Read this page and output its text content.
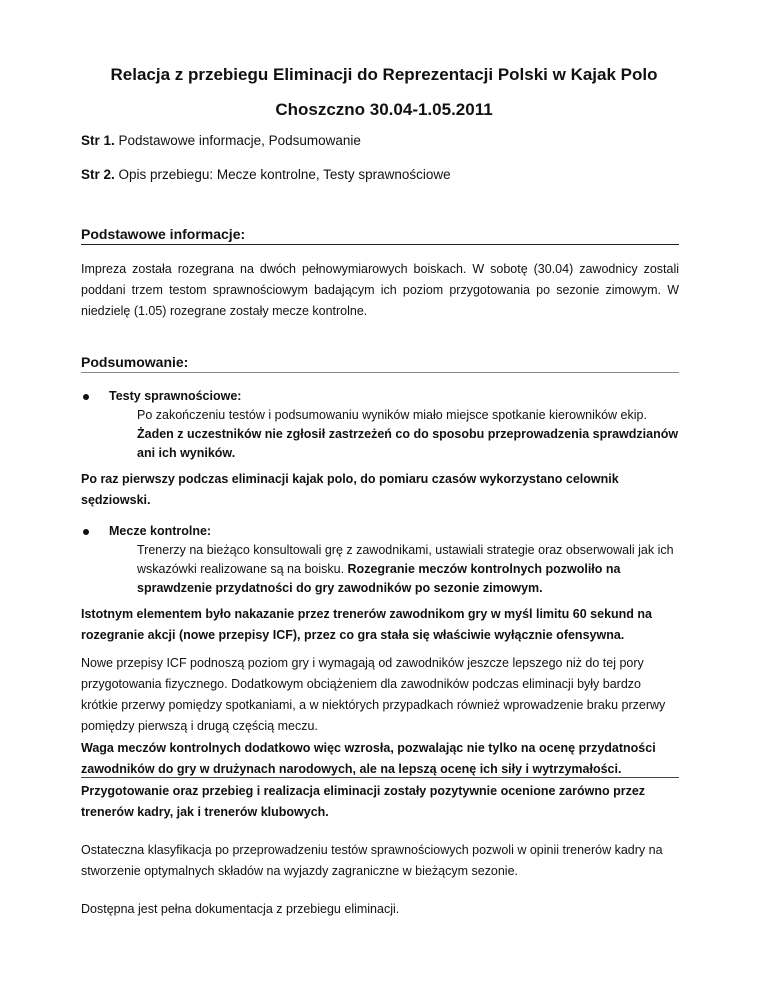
Relacja z przebiegu Eliminacji do Reprezentacji Polski w Kajak Polo
Choszczno 30.04-1.05.2011

Str 1. Podstawowe informacje, Podsumowanie

Str 2. Opis przebiegu: Mecze kontrolne, Testy sprawnościowe

Podstawowe informacje:

Impreza została rozegrana na dwóch pełnowymiarowych boiskach. W sobotę (30.04) zawodnicy zostali poddani trzem testom sprawnościowym badającym ich poziom przygotowania po sezonie zimowym. W niedzielę (1.05) rozegrane zostały mecze kontrolne.

Podsumowanie:

Testy sprawnościowe:

Po zakończeniu testów i podsumowaniu wyników miało miejsce spotkanie kierowników ekip. Żaden z uczestników nie zgłosił zastrzeżeń co do sposobu przeprowadzenia sprawdzianów ani ich wyników.

Po raz pierwszy podczas eliminacji kajak polo, do pomiaru czasów wykorzystano celownik sędziowski.

Mecze kontrolne:

Trenerzy na bieżąco konsultowali grę z zawodnikami, ustawiali strategie oraz obserwowali jak ich wskazówki realizowane są na boisku. Rozegranie meczów kontrolnych pozwoliło na sprawdzenie przydatności do gry zawodników po sezonie zimowym.

Istotnym elementem było nakazanie przez trenerów zawodnikom gry w myśl limitu 60 sekund na rozegranie akcji (nowe przepisy ICF), przez co gra stała się właściwie wyłącznie ofensywna.

Nowe przepisy ICF podnoszą poziom gry i wymagają od zawodników jeszcze lepszego niż do tej pory przygotowania fizycznego. Dodatkowym obciążeniem dla zawodników podczas eliminacji były bardzo krótkie przerwy pomiędzy spotkaniami, a w niektórych przypadkach również wprowadzenie braku przerwy pomiędzy pierwszą i drugą częścią meczu.

Waga meczów kontrolnych dodatkowo więc wzrosła, pozwalając nie tylko na ocenę przydatności zawodników do gry w drużynach narodowych, ale na lepszą ocenę ich siły i wytrzymałości.

Przygotowanie oraz przebieg i realizacja eliminacji zostały pozytywnie ocenione zarówno przez trenerów kadry, jak i trenerów klubowych.

Ostateczna klasyfikacja po przeprowadzeniu testów sprawnościowych pozwoli w opinii trenerów kadry na stworzenie optymalnych składów na wyjazdy zagraniczne w bieżącym sezonie.

Dostępna jest pełna dokumentacja z przebiegu eliminacji.
